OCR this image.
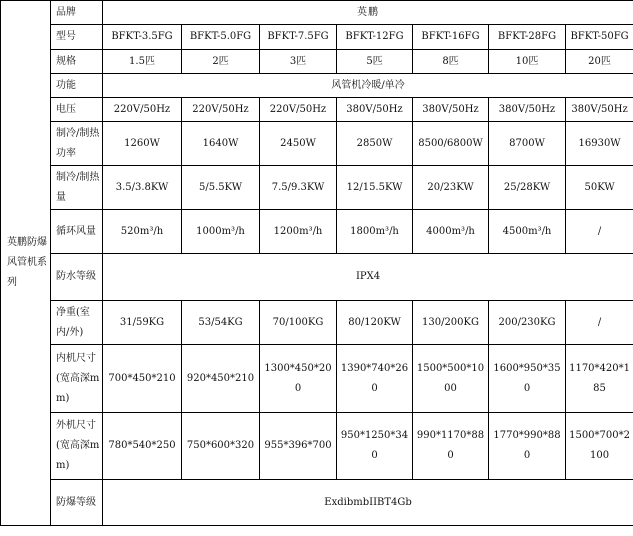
英鹏防爆风管机系列	品牌	英鹏						
	型号	BFKT-3.5FG	BFKT-5.0FG	BFKT-7.5FG	BFKT-12FG	BFKT-16FG	BFKT-28FG	BFKT-50FG
	规格	1.5匹	2匹	3匹	5匹	8匹	10匹	20匹
	功能	风管机冷暖/单冷						
	电压	220V/50Hz	220V/50Hz	220V/50Hz	380V/50Hz	380V/50Hz	380V/50Hz	380V/50Hz
	制冷/制热功率	1260W	1640W	2450W	2850W	8500/6800W	8700W	16930W
	制冷/制热量	3.5/3.8KW	5/5.5KW	7.5/9.3KW	12/15.5KW	20/23KW	25/28KW	50KW
	循环风量	520m³/h	1000m³/h	1200m³/h	1800m³/h	4000m³/h	4500m³/h	/
	防水等级	IPX4						
	净重(室内/外)	31/59KG	53/54KG	70/100KG	80/120KW	130/200KG	200/230KG	/
	内机尺寸(宽高深mm)	700*450*210	920*450*210	1300*450*200	1390*740*260	1500*500*1000	1600*950*350	1170*420*185
	外机尺寸(宽高深mm)	780*540*250	750*600*320	955*396*700	950*1250*340	990*1170*880	1770*990*880	1500*700*2100
	防爆等级	ExdibmbIIBT4Gb						
